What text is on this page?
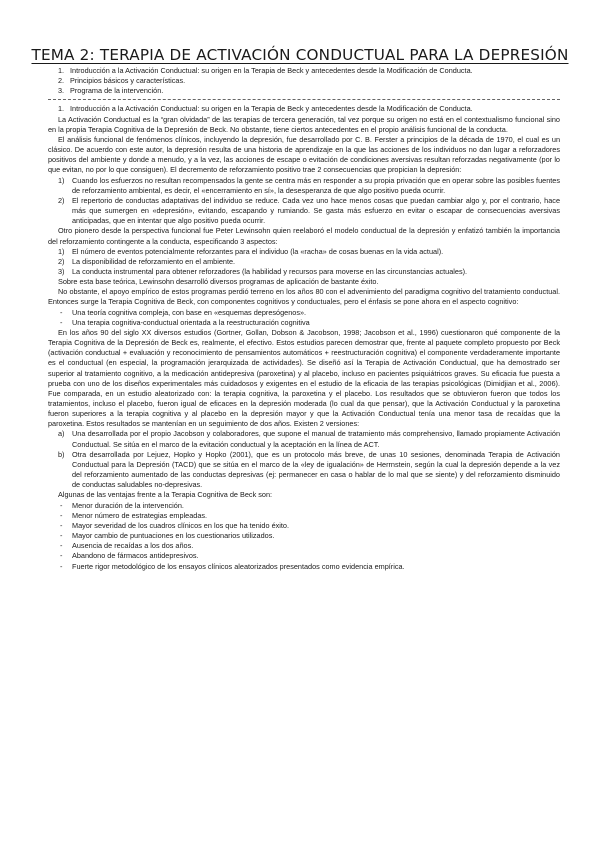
TEMA 2: TERAPIA DE ACTIVACIÓN CONDUCTUAL PARA LA DEPRESIÓN
1. Introducción a la Activación Conductual: su origen en la Terapia de Beck y antecedentes desde la Modificación de Conducta.
2. Principios básicos y características.
3. Programa de la intervención.
1. Introducción a la Activación Conductual: su origen en la Terapia de Beck y antecedentes desde la Modificación de Conducta.

La Activación Conductual es la “gran olvidada” de las terapias de tercera generación, tal vez porque su origen no está en el contextualismo funcional sino en la propia Terapia Cognitiva de la Depresión de Beck. No obstante, tiene ciertos antecedentes en el propio análisis funcional de la conducta.

El análisis funcional de fenómenos clínicos, incluyendo la depresión, fue desarrollado por C. B. Ferster a principios de la década de 1970, el cual es un clásico. De acuerdo con este autor, la depresión resulta de una historia de aprendizaje en la que las acciones de los individuos no dan lugar a reforzadores positivos del ambiente y donde a menudo, y a la vez, las acciones de escape o evitación de condiciones aversivas resultan reforzadas negativamente (por lo que evitan, no por lo que consiguen). El decremento de reforzamiento positivo trae 2 consecuencias que propician la depresión:

1) Cuando los esfuerzos no resultan recompensados la gente se centra más en responder a su propia privación que en operar sobre las posibles fuentes de reforzamiento ambiental, es decir, el «encerramiento en sí», la desesperanza de que algo positivo pueda ocurrir.
2) El repertorio de conductas adaptativas del individuo se reduce. Cada vez uno hace menos cosas que puedan cambiar algo y, por el contrario, hace más que sumergen en «depresión», evitando, escapando y rumiando. Se gasta más esfuerzo en evitar o escapar de consecuencias aversivas anticipadas, que en intentar que algo positivo pueda ocurrir.

Otro pionero desde la perspectiva funcional fue Peter Lewinsohn quien reelaboró el modelo conductual de la depresión y enfatizó también la importancia del reforzamiento contingente a la conducta, especificando 3 aspectos:

1) El número de eventos potencialmente reforzantes para el individuo (la «racha» de cosas buenas en la vida actual).
2) La disponibilidad de reforzamiento en el ambiente.
3) La conducta instrumental para obtener reforzadores (la habilidad y recursos para moverse en las circunstancias actuales).

Sobre esta base teórica, Lewinsohn desarrolló diversos programas de aplicación de bastante éxito.

No obstante, el apoyo empírico de estos programas perdió terreno en los años 80 con el advenimiento del paradigma cognitivo del tratamiento conductual. Entonces surge la Terapia Cognitiva de Beck, con componentes cognitivos y conductuales, pero el énfasis se pone ahora en el aspecto cognitivo:

- Una teoría cognitiva compleja, con base en «esquemas depresógenos».
- Una terapia cognitiva-conductual orientada a la reestructuración cognitiva

En los años 90 del siglo XX diversos estudios (Gortner, Gollan, Dobson & Jacobson, 1998; Jacobson et al., 1996) cuestionaron qué componente de la Terapia Cognitiva de la Depresión de Beck es, realmente, el efectivo. Estos estudios parecen demostrar que, frente al paquete completo propuesto por Beck (activación conductual + evaluación y reconocimiento de pensamientos automáticos + reestructuración cognitiva) el componente verdaderamente importante es el conductual (en especial, la programación jerarquizada de actividades). Se diseñó así la Terapia de Activación Conductual, que ha demostrado ser superior al tratamiento cognitivo, a la medicación antidepresiva (paroxetina) y al placebo, incluso en pacientes psiquiátricos graves. Su eficacia fue puesta a prueba con uno de los diseños experimentales más cuidadosos y exigentes en el estudio de la eficacia de las terapias psicológicas (Dimidjian et al., 2006). Fue comparada, en un estudio aleatorizado con: la terapia cognitiva, la paroxetina y el placebo. Los resultados que se obtuvieron fueron que todos los tratamientos, incluso el placebo, fueron igual de eficaces en la depresión moderada (lo cual da que pensar), que la Activación Conductual y la paroxetina fueron superiores a la terapia cognitiva y al placebo en la depresión mayor y que la Activación Conductual tenía una menor tasa de recaídas que la paroxetina. Estos resultados se mantenían en un seguimiento de dos años. Existen 2 versiones:

a) Una desarrollada por el propio Jacobson y colaboradores, que supone el manual de tratamiento más comprehensivo, llamado propiamente Activación Conductual. Se sitúa en el marco de la evitación conductual y la aceptación en la línea de ACT.
b) Otra desarrollada por Lejuez, Hopko y Hopko (2001), que es un protocolo más breve, de unas 10 sesiones, denominada Terapia de Activación Conductual para la Depresión (TACD) que se sitúa en el marco de la «ley de igualación» de Herrnstein, según la cual la depresión depende a la vez del reforzamiento aumentado de las conductas depresivas (ej: permanecer en casa o hablar de lo mal que se siente) y del reforzamiento disminuido de conductas saludables no-depresivas.

Algunas de las ventajas frente a la Terapia Cognitiva de Beck son:

- Menor duración de la intervención.
- Menor número de estrategias empleadas.
- Mayor severidad de los cuadros clínicos en los que ha tenido éxito.
- Mayor cambio de puntuaciones en los cuestionarios utilizados.
- Ausencia de recaídas a los dos años.
- Abandono de fármacos antidepresivos.
- Fuerte rigor metodológico de los ensayos clínicos aleatorizados presentados como evidencia empírica.
